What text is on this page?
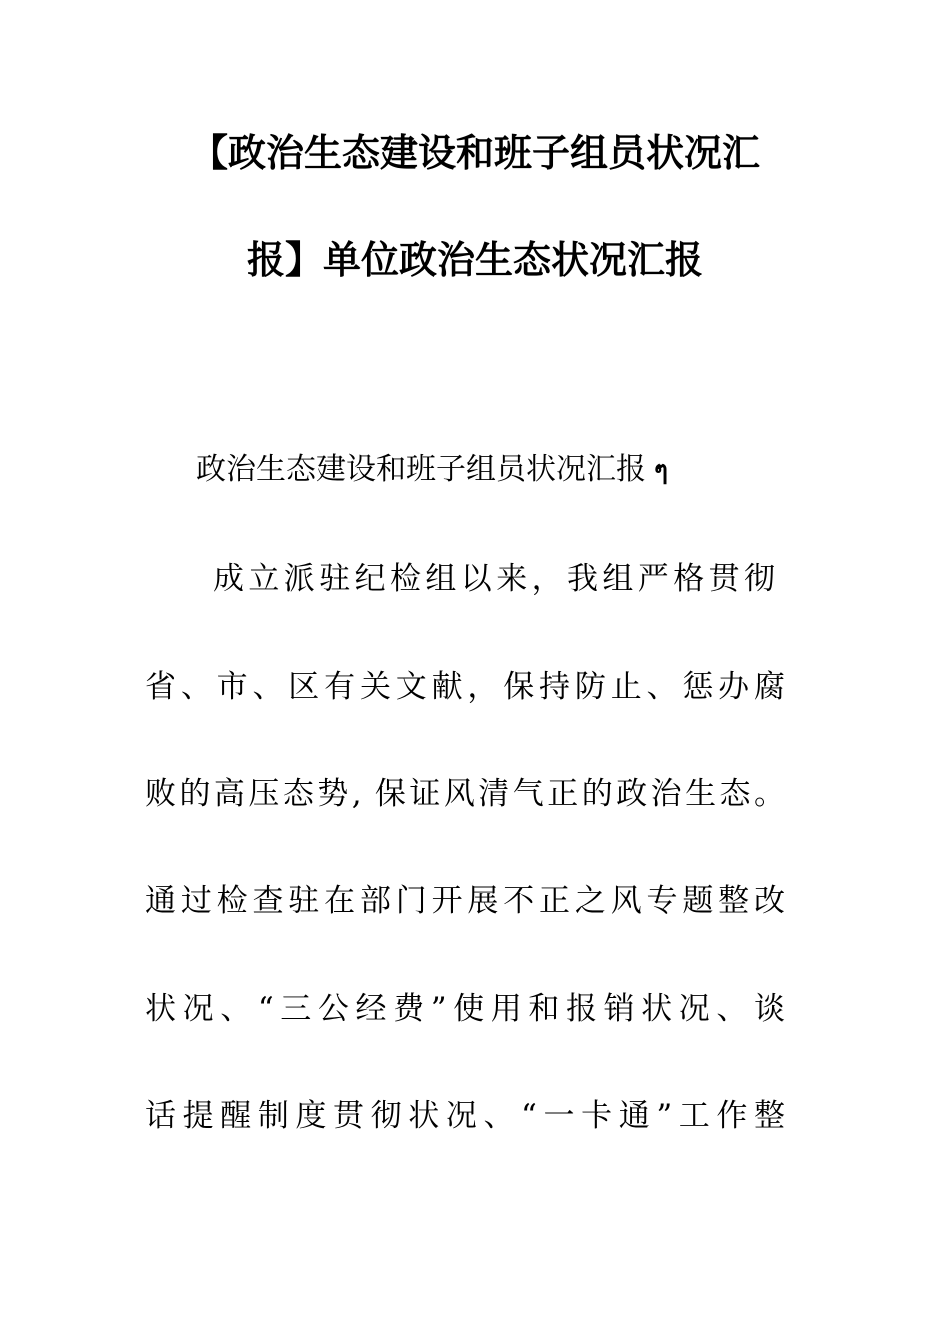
【政治生态建设和班子组员状况汇
报】单位政治生态状况汇报
政治生态建设和班子组员状况汇报 ๆ
成立派驻纪检组以来，我组严格贯彻
省、市、区有关文献，保持防止、惩办腐
败的高压态势, 保证风清气正的政治生态。
通过检查驻在部门开展不正之风专题整改
状况、“三公经费”使用和报销状况、谈
话提醒制度贯彻状况、“一卡通”工作整
